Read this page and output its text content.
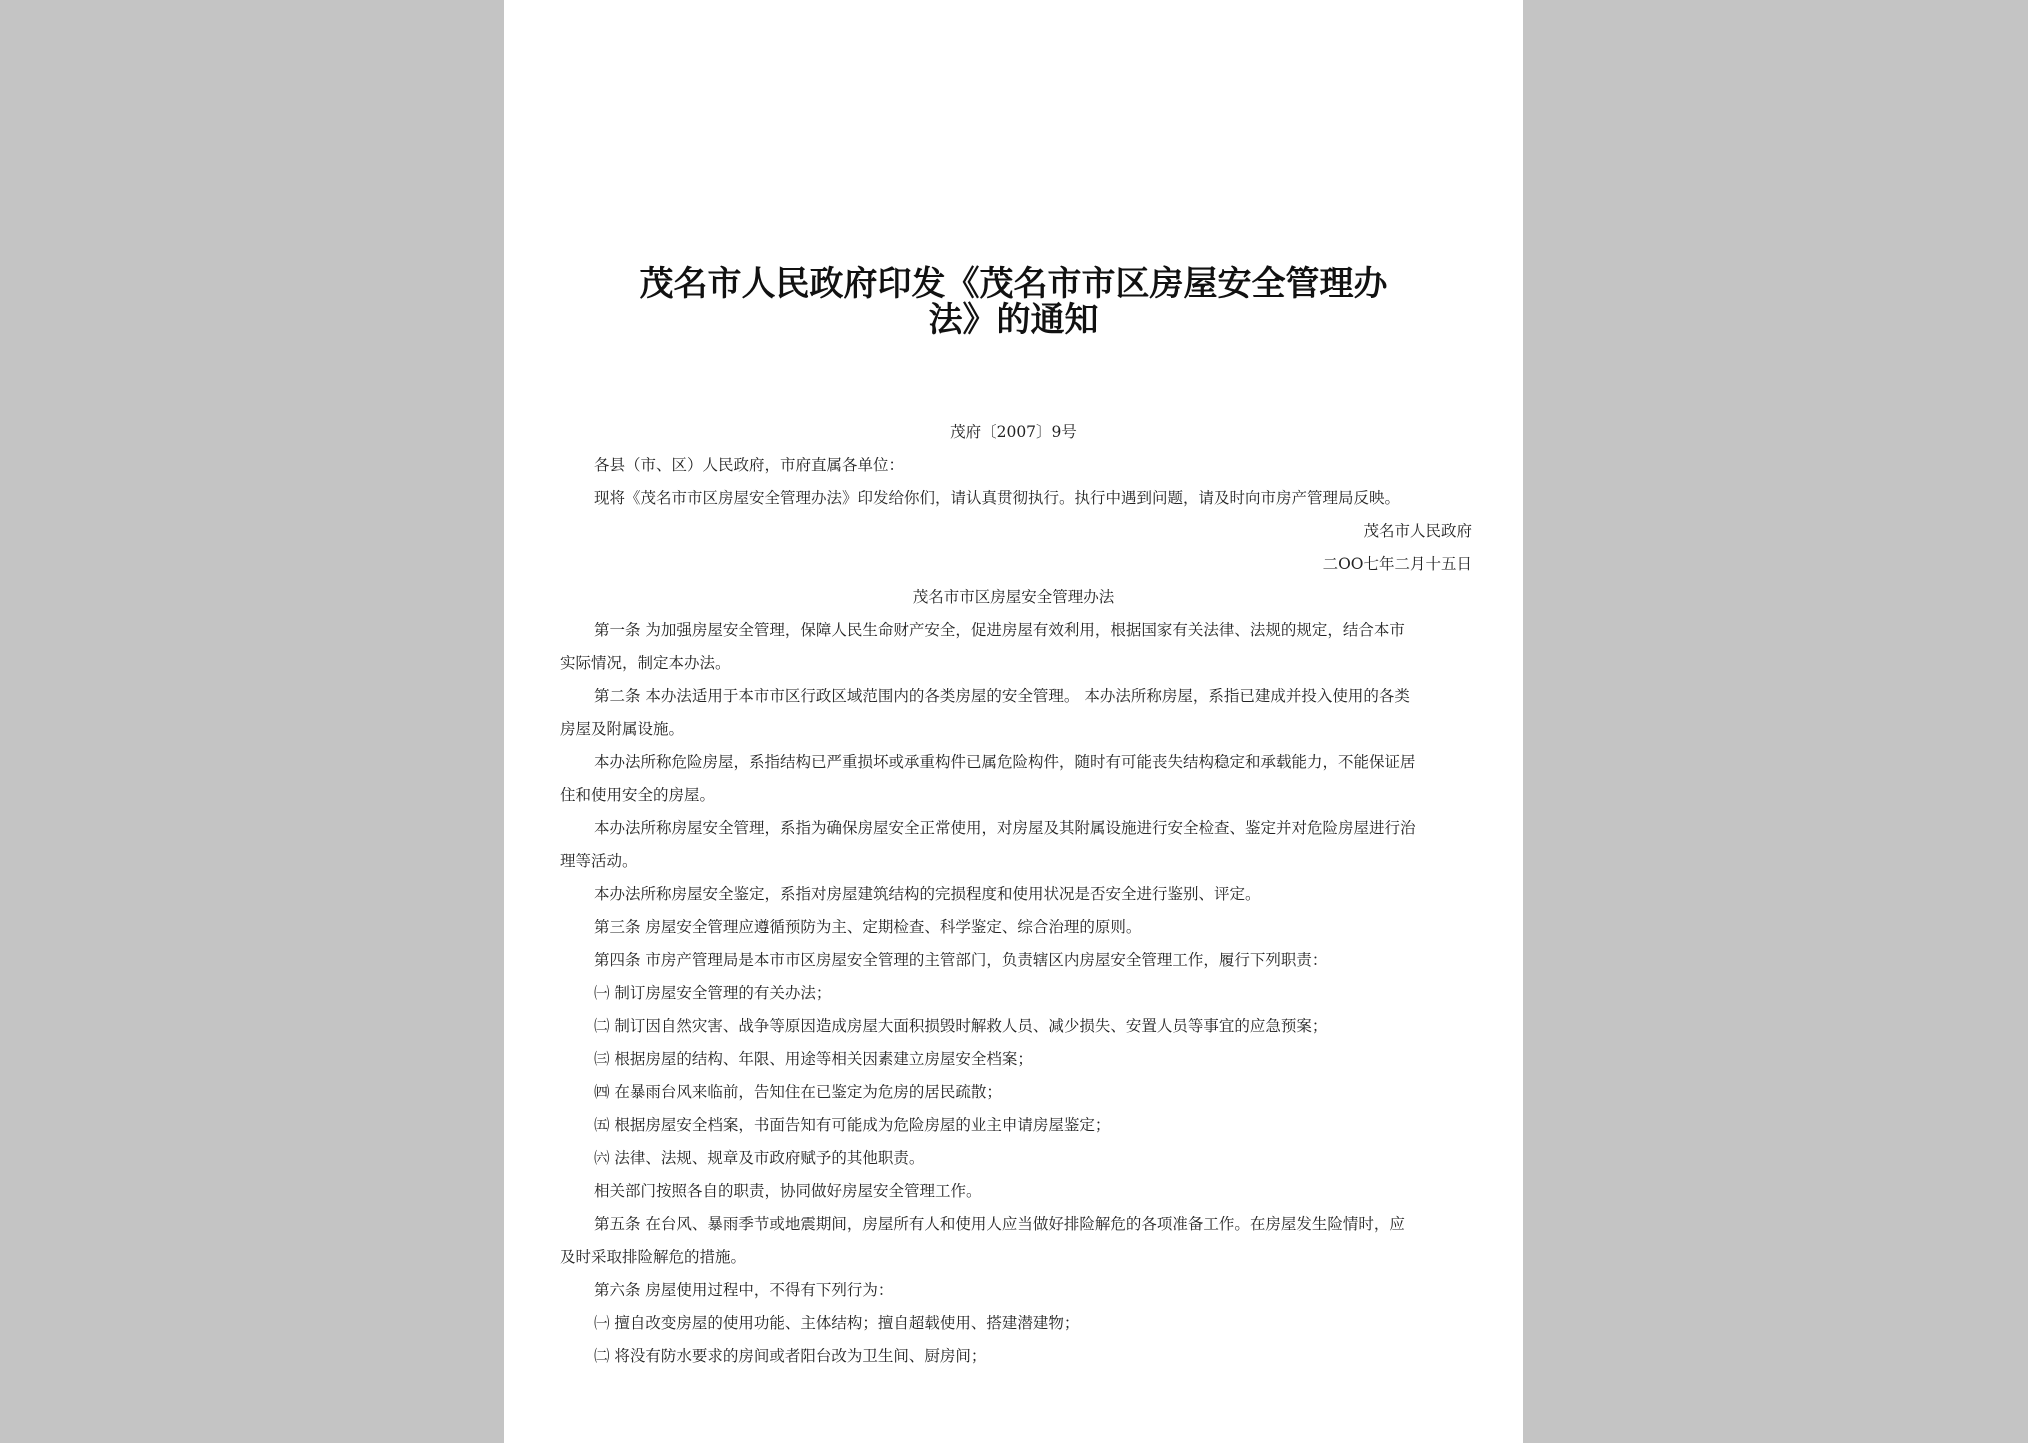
茂名市人民政府印发《茂名市市区房屋安全管理办
法》的通知
茂府〔2007〕9号
各县（市、区）人民政府，市府直属各单位：
现将《茂名市市区房屋安全管理办法》印发给你们，请认真贯彻执行。执行中遇到问题，请及时向市房产管理局反映。
茂名市人民政府
二OO七年二月十五日
茂名市市区房屋安全管理办法
第一条 为加强房屋安全管理，保障人民生命财产安全，促进房屋有效利用，根据国家有关法律、法规的规定，结合本市
实际情况，制定本办法。
第二条 本办法适用于本市市区行政区域范围内的各类房屋的安全管理。 本办法所称房屋，系指已建成并投入使用的各类
房屋及附属设施。
本办法所称危险房屋，系指结构已严重损坏或承重构件已属危险构件，随时有可能丧失结构稳定和承载能力，不能保证居
住和使用安全的房屋。
本办法所称房屋安全管理，系指为确保房屋安全正常使用，对房屋及其附属设施进行安全检查、鉴定并对危险房屋进行治
理等活动。
本办法所称房屋安全鉴定，系指对房屋建筑结构的完损程度和使用状况是否安全进行鉴别、评定。
第三条 房屋安全管理应遵循预防为主、定期检查、科学鉴定、综合治理的原则。
第四条 市房产管理局是本市市区房屋安全管理的主管部门，负责辖区内房屋安全管理工作，履行下列职责：
㈠ 制订房屋安全管理的有关办法；
㈡ 制订因自然灾害、战争等原因造成房屋大面积损毁时解救人员、减少损失、安置人员等事宜的应急预案；
㈢ 根据房屋的结构、年限、用途等相关因素建立房屋安全档案；
㈣ 在暴雨台风来临前，告知住在已鉴定为危房的居民疏散；
㈤ 根据房屋安全档案，书面告知有可能成为危险房屋的业主申请房屋鉴定；
㈥ 法律、法规、规章及市政府赋予的其他职责。
相关部门按照各自的职责，协同做好房屋安全管理工作。
第五条 在台风、暴雨季节或地震期间，房屋所有人和使用人应当做好排险解危的各项准备工作。在房屋发生险情时，应
及时采取排险解危的措施。
第六条 房屋使用过程中，不得有下列行为：
㈠ 擅自改变房屋的使用功能、主体结构；擅自超载使用、搭建潜建物；
㈡ 将没有防水要求的房间或者阳台改为卫生间、厨房间；
